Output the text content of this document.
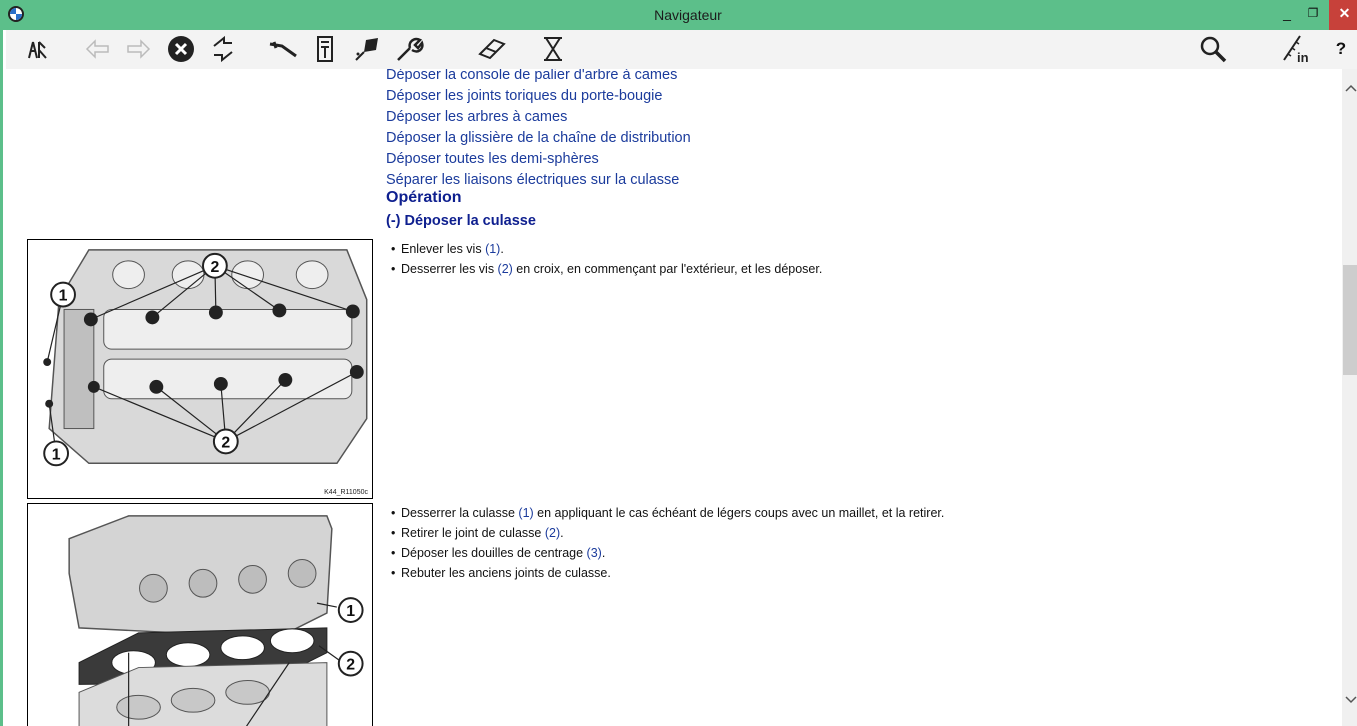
Navigateur	_	❐	✕
in	?
Déposer la console de palier d'arbre à cames
Déposer les joints toriques du porte-bougie
Déposer les arbres à cames
Déposer la glissière de la chaîne de distribution
Déposer toutes les demi-sphères
Séparer les liaisons électriques sur la culasse
Opération
(-) Déposer la culasse
2
2
1
1
K44_R11050c
• Enlever les vis (1).
• Desserrer les vis (2) en croix, en commençant par l'extérieur, et les déposer.
1
2
• Desserrer la culasse (1) en appliquant le cas échéant de légers coups avec un maillet, et la retirer.
• Retirer le joint de culasse (2).
• Déposer les douilles de centrage (3).
• Rebuter les anciens joints de culasse.
